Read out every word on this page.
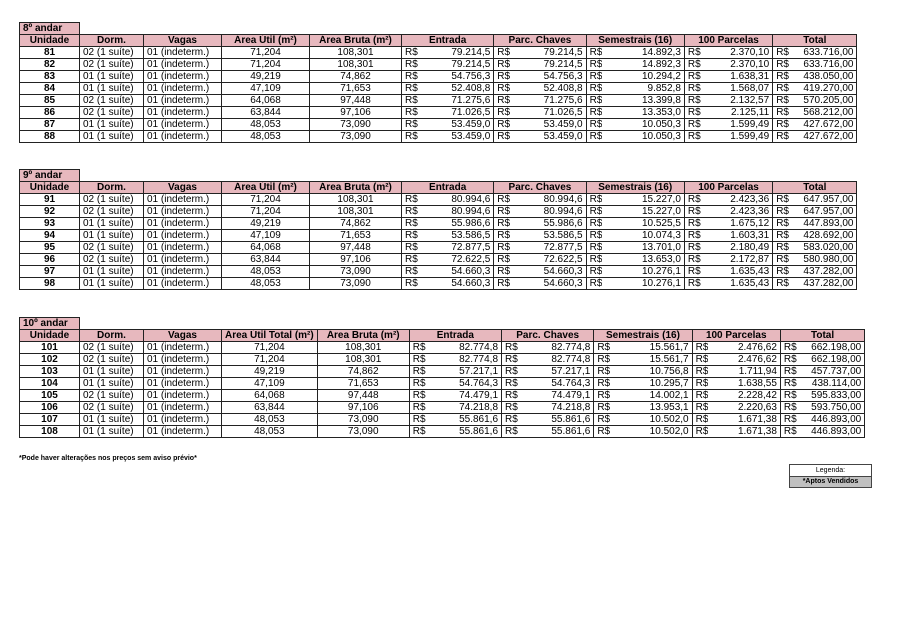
8º andar														
Unidade	Dorm.	Vagas	Área Útil (m²)	Área Bruta (m²)	Entrada		Parc. Chaves		Semestrais (16)		100 Parcelas		Total	
81	02 (1 suíte)	01 (indeterm.)	71,204	108,301	R$	79.214,5	R$	79.214,5	R$	14.892,3	R$	2.370,10	R$	633.716,00
82	02 (1 suíte)	01 (indeterm.)	71,204	108,301	R$	79.214,5	R$	79.214,5	R$	14.892,3	R$	2.370,10	R$	633.716,00
83	01 (1 suíte)	01 (indeterm.)	49,219	74,862	R$	54.756,3	R$	54.756,3	R$	10.294,2	R$	1.638,31	R$	438.050,00
84	01 (1 suíte)	01 (indeterm.)	47,109	71,653	R$	52.408,8	R$	52.408,8	R$	9.852,8	R$	1.568,07	R$	419.270,00
85	02 (1 suíte)	01 (indeterm.)	64,068	97,448	R$	71.275,6	R$	71.275,6	R$	13.399,8	R$	2.132,57	R$	570.205,00
86	02 (1 suíte)	01 (indeterm.)	63,844	97,106	R$	71.026,5	R$	71.026,5	R$	13.353,0	R$	2.125,11	R$	568.212,00
87	01 (1 suíte)	01 (indeterm.)	48,053	73,090	R$	53.459,0	R$	53.459,0	R$	10.050,3	R$	1.599,49	R$	427.672,00
88	01 (1 suíte)	01 (indeterm.)	48,053	73,090	R$	53.459,0	R$	53.459,0	R$	10.050,3	R$	1.599,49	R$	427.672,00
9º andar														
Unidade	Dorm.	Vagas	Área Útil (m²)	Área Bruta (m²)	Entrada		Parc. Chaves		Semestrais (16)		100 Parcelas		Total	
91	02 (1 suíte)	01 (indeterm.)	71,204	108,301	R$	80.994,6	R$	80.994,6	R$	15.227,0	R$	2.423,36	R$	647.957,00
92	02 (1 suíte)	01 (indeterm.)	71,204	108,301	R$	80.994,6	R$	80.994,6	R$	15.227,0	R$	2.423,36	R$	647.957,00
93	01 (1 suíte)	01 (indeterm.)	49,219	74,862	R$	55.986,6	R$	55.986,6	R$	10.525,5	R$	1.675,12	R$	447.893,00
94	01 (1 suíte)	01 (indeterm.)	47,109	71,653	R$	53.586,5	R$	53.586,5	R$	10.074,3	R$	1.603,31	R$	428.692,00
95	02 (1 suíte)	01 (indeterm.)	64,068	97,448	R$	72.877,5	R$	72.877,5	R$	13.701,0	R$	2.180,49	R$	583.020,00
96	02 (1 suíte)	01 (indeterm.)	63,844	97,106	R$	72.622,5	R$	72.622,5	R$	13.653,0	R$	2.172,87	R$	580.980,00
97	01 (1 suíte)	01 (indeterm.)	48,053	73,090	R$	54.660,3	R$	54.660,3	R$	10.276,1	R$	1.635,43	R$	437.282,00
98	01 (1 suíte)	01 (indeterm.)	48,053	73,090	R$	54.660,3	R$	54.660,3	R$	10.276,1	R$	1.635,43	R$	437.282,00
10º andar														
Unidade	Dorm.	Vagas	Área Útil Total (m²)	Área Bruta (m²)	Entrada		Parc. Chaves		Semestrais (16)		100 Parcelas		Total	
101	02 (1 suíte)	01 (indeterm.)	71,204	108,301	R$	82.774,8	R$	82.774,8	R$	15.561,7	R$	2.476,62	R$	662.198,00
102	02 (1 suíte)	01 (indeterm.)	71,204	108,301	R$	82.774,8	R$	82.774,8	R$	15.561,7	R$	2.476,62	R$	662.198,00
103	01 (1 suíte)	01 (indeterm.)	49,219	74,862	R$	57.217,1	R$	57.217,1	R$	10.756,8	R$	1.711,94	R$	457.737,00
104	01 (1 suíte)	01 (indeterm.)	47,109	71,653	R$	54.764,3	R$	54.764,3	R$	10.295,7	R$	1.638,55	R$	438.114,00
105	02 (1 suíte)	01 (indeterm.)	64,068	97,448	R$	74.479,1	R$	74.479,1	R$	14.002,1	R$	2.228,42	R$	595.833,00
106	02 (1 suíte)	01 (indeterm.)	63,844	97,106	R$	74.218,8	R$	74.218,8	R$	13.953,1	R$	2.220,63	R$	593.750,00
107	01 (1 suíte)	01 (indeterm.)	48,053	73,090	R$	55.861,6	R$	55.861,6	R$	10.502,0	R$	1.671,38	R$	446.893,00
108	01 (1 suíte)	01 (indeterm.)	48,053	73,090	R$	55.861,6	R$	55.861,6	R$	10.502,0	R$	1.671,38	R$	446.893,00
*Pode haver alterações nos preços sem aviso prévio*
Legenda:
*Aptos Vendidos
